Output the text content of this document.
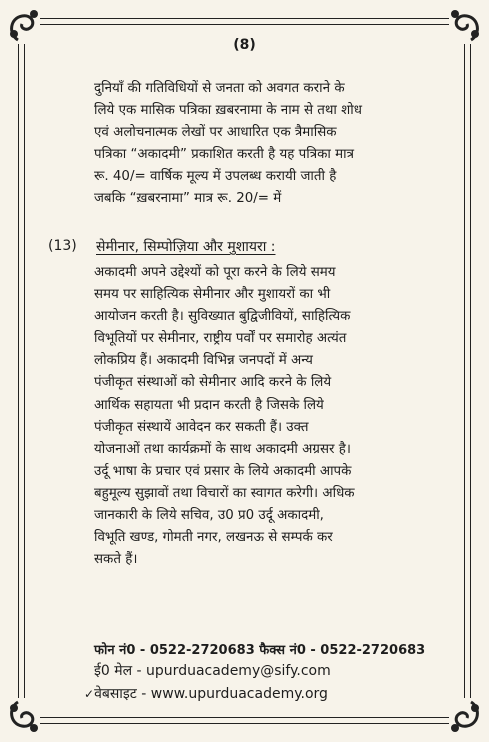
(8)
दुनियाँ की गतिविधियों से जनता को अवगत कराने के
लिये एक मासिक पत्रिका ख़बरनामा के नाम से तथा शोध
एवं अलोचनात्मक लेखों पर आधारित एक त्रैमासिक
पत्रिका “अकादमी” प्रकाशित करती है यह पत्रिका मात्र
रू. 40/= वार्षिक मूल्य में उपलब्ध करायी जाती है
जबकि “ख़बरनामा” मात्र रू. 20/= में
(13) सेमीनार, सिम्पोज़िया और मुशायरा :
अकादमी अपने उद्देश्यों को पूरा करने के लिये समय
समय पर साहित्यिक सेमीनार और मुशायरों का भी
आयोजन करती है। सुविख्यात बुद्विजीवियों, साहित्यिक
विभूतियों पर सेमीनार, राष्ट्रीय पर्वों पर समारोह अत्यंत
लोकप्रिय हैं। अकादमी विभिन्न जनपदों में अन्य
पंजीकृत संस्थाओं को सेमीनार आदि करने के लिये
आर्थिक सहायता भी प्रदान करती है जिसके लिये
पंजीकृत संस्थायें आवेदन कर सकती हैं। उक्त
योजनाओं तथा कार्यक्रमों के साथ अकादमी अग्रसर है।
उर्दू भाषा के प्रचार एवं प्रसार के लिये अकादमी आपके
बहुमूल्य सुझावों तथा विचारों का स्वागत करेगी। अधिक
जानकारी के लिये सचिव, उ0 प्र0 उर्दू अकादमी,
विभूति खण्ड, गोमती नगर, लखनऊ से सम्पर्क कर
सकते हैं।
फोन नं0 - 0522-2720683 फैक्स नं0 - 0522-2720683
ई0 मेल - upurduacademy@sify.com
✓वेबसाइट - www.upurduacademy.org
